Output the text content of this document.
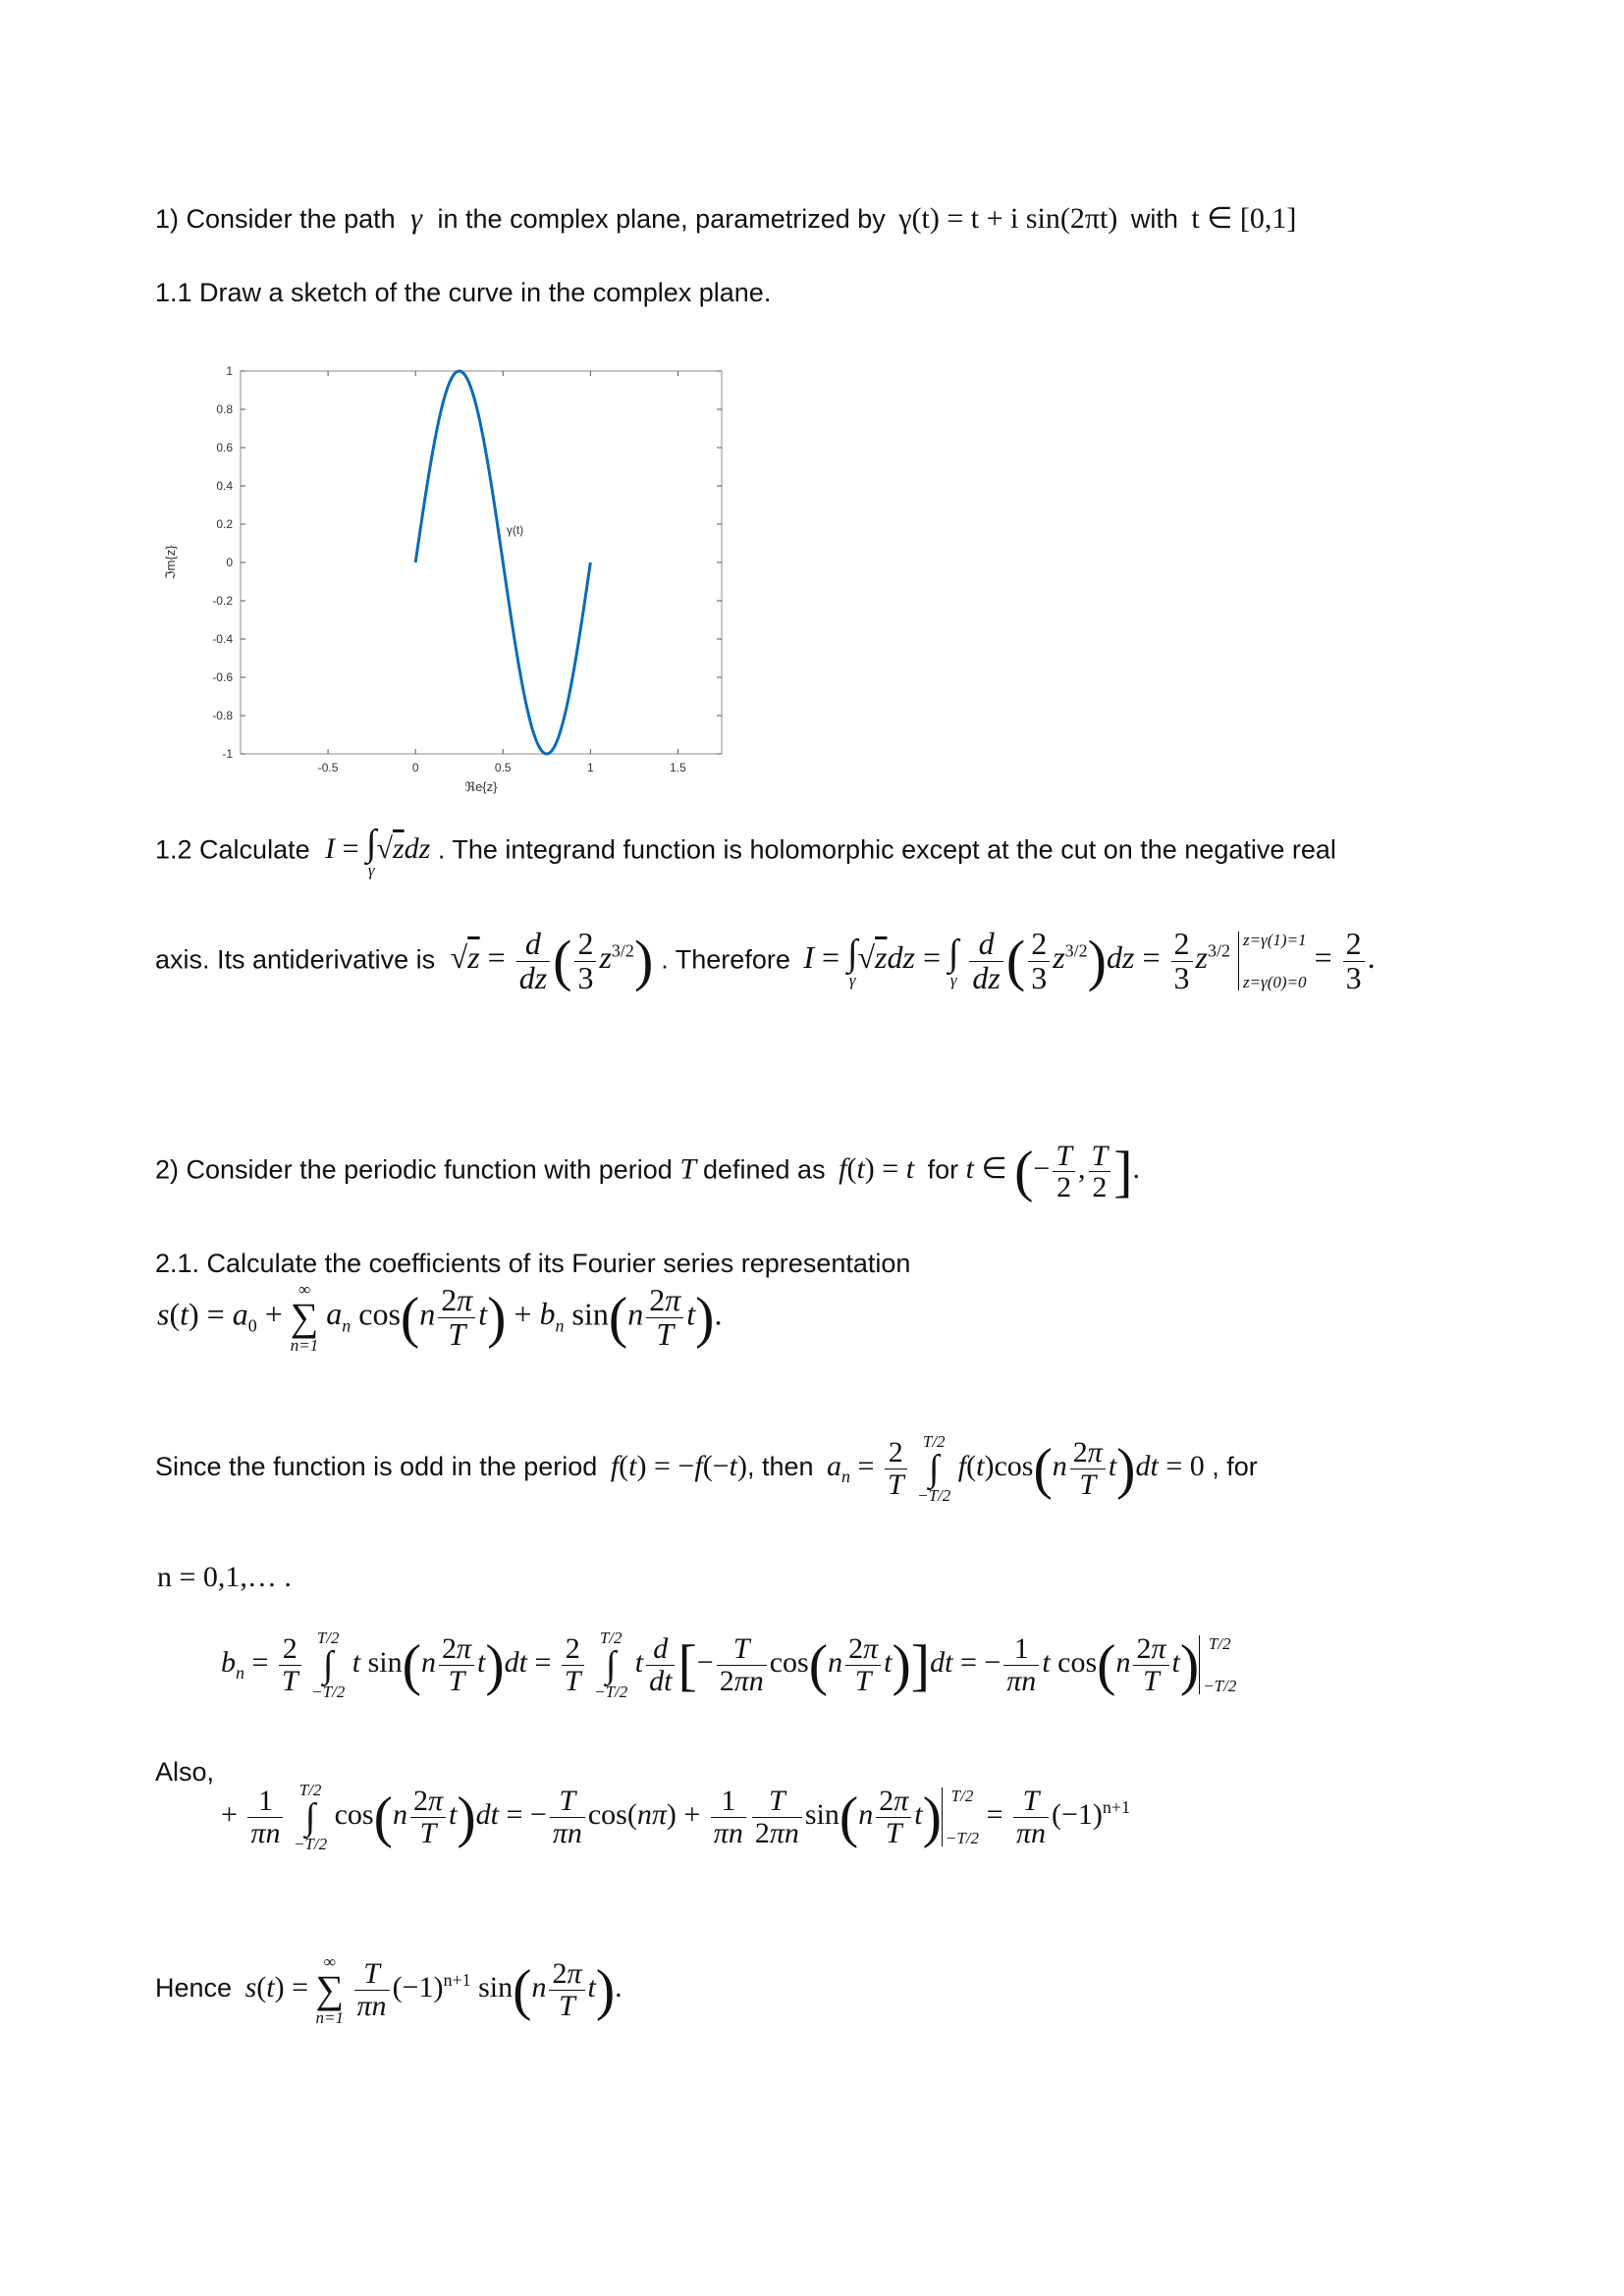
1) Consider the path γ in the complex plane, parametrized by γ(t) = t + i sin(2πt) with t ∈ [0,1]
1.1 Draw a sketch of the curve in the complex plane.
-0.5	0	0.5	1	1.5
1
0.8
0.6
0.4
0.2
0
-0.2
-0.4
-0.6
-0.8
-1
ℜe{z}
ℑm{z}
γ(t)
1.2 Calculate I = ∫
γ
√zdz . The integrand function is holomorphic except at the cut on the negative real
axis. Its antiderivative is $√z = \frac{d}{dz}$ ( $\frac{2}{3} z^{3/2}$) . Therefore I = ∫
γ
√zdz = ∫
γ
$\frac{d}{dz}$ ( $\frac{2}{3} z^{3/2})dz = \frac{2}{3} z^{3/2}$
z=γ(1)=1
z=γ(0)=0
= $\frac{2}{3}$ .
2) Consider the periodic function with period T defined as f(t) = t for t ∈ (− $\frac{T}{2}$ , $\frac{T}{2}$ ].
2.1. Calculate the coefficients of its Fourier series representation
$s(t) = a_0$ +
∞
∑
n=1
$a_n$ $\cos(n \frac{2\pi}{T} t) + b_n$ $\sin(n \frac{2\pi}{T} t)$.
Since the function is odd in the period f(t) = −f(−t), then $a_n = \frac{2}{T}$
T/2
∫
−T/2
$f(t)\cos(n \frac{2\pi}{T} t)dt = 0$ , for
n = 0,1,… .
$b_n = \frac{2}{T}$
T/2
∫
−T/2
t $\sin(n \frac{2\pi}{T} t)dt = \frac{2}{T}$
T/2
∫
−T/2
t $\frac{d}{dt}$ [− $\frac{T}{2\pi n} \cos(n \frac{2\pi}{T} t)]dt$ = − $\frac{1}{\pi n}$ t $\cos(n \frac{2\pi}{T} t)$ T/2
−T/2
Also,
+ $\frac{1}{\pi n}$
T/2
∫
−T/2
$\cos(n \frac{2\pi}{T} t)dt$ = − $\frac{T}{\pi n} \cos(n\pi) + \frac{1}{\pi n} \frac{T}{2\pi n} \sin(n \frac{2\pi}{T} t)$ T/2
−T/2
= $\frac{T}{\pi n} (-1)^{n+1}$
Hence s(t) =
∞
∑
n=1
$\frac{T}{\pi n} (-1)^{n+1}$ $\sin(n \frac{2\pi}{T} t)$.
